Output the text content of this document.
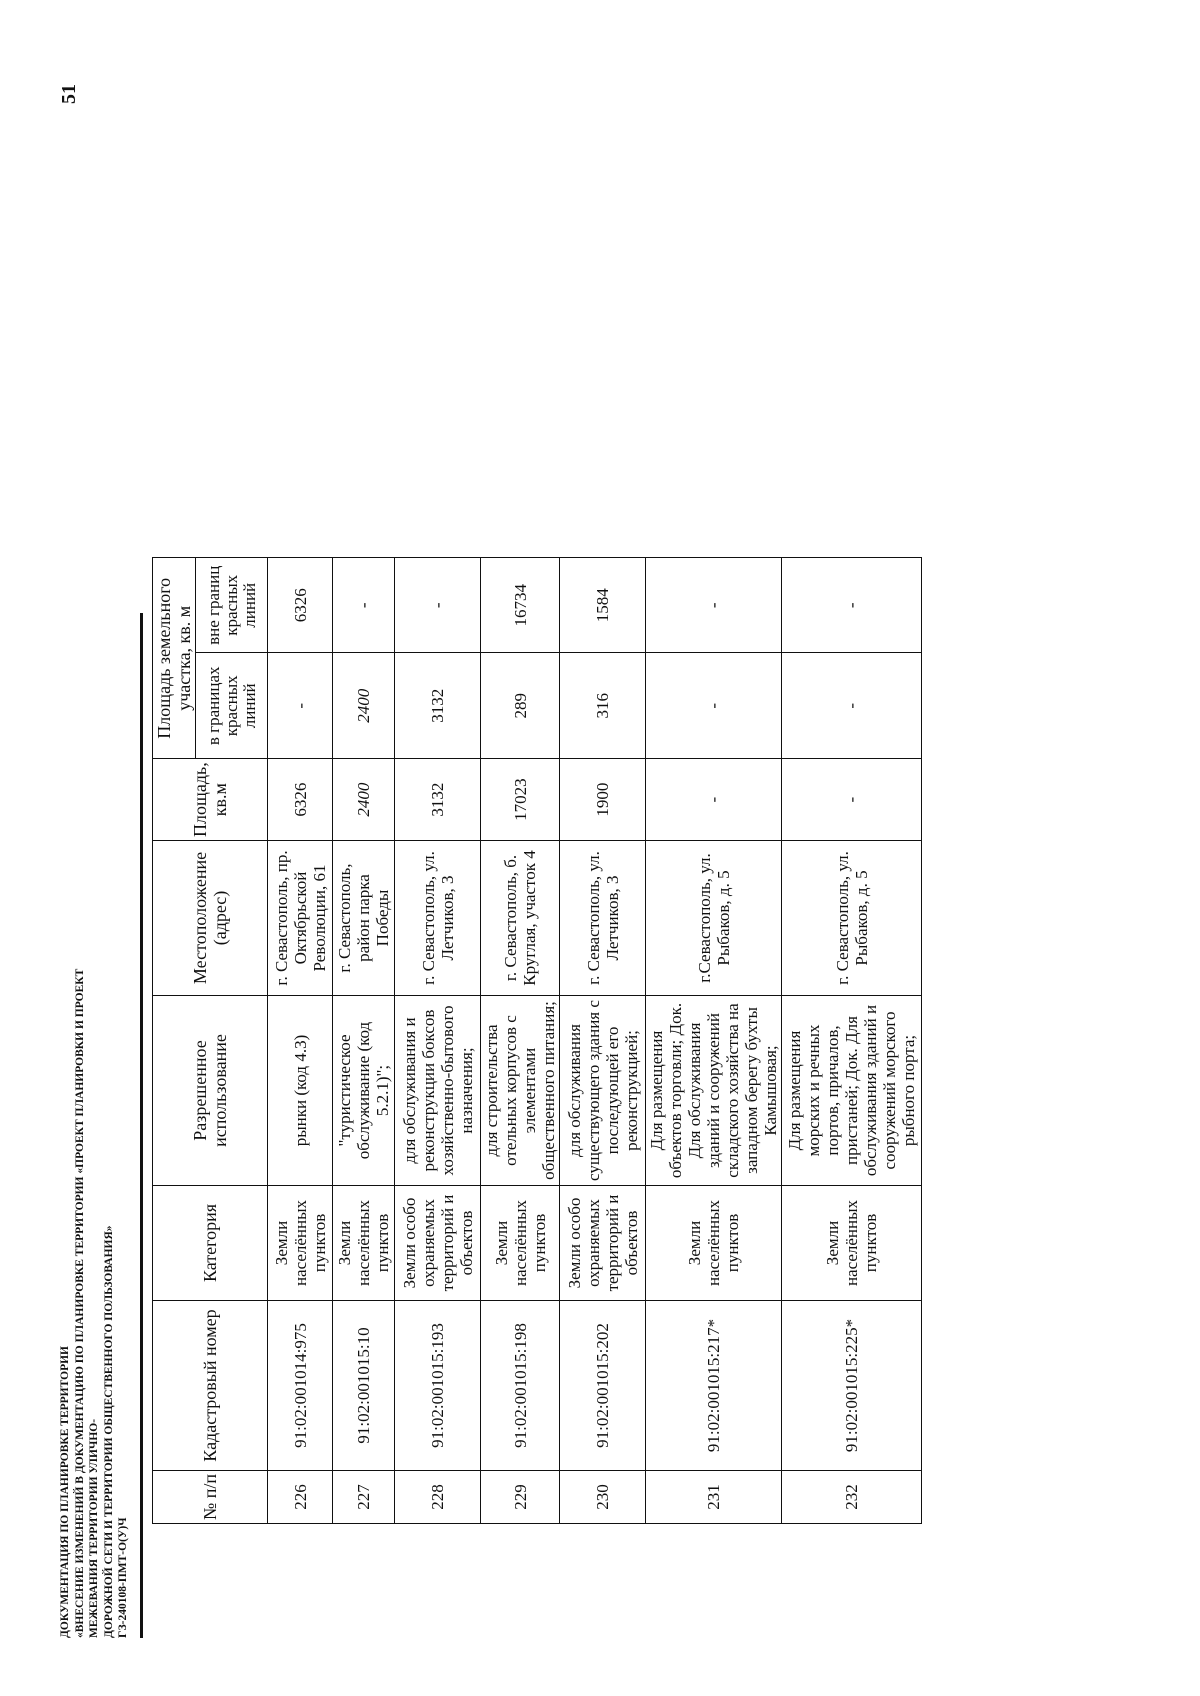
51
ДОКУМЕНТАЦИЯ ПО ПЛАНИРОВКЕ ТЕРРИТОРИИ «ВНЕСЕНИЕ ИЗМЕНЕНИЙ В ДОКУМЕНТАЦИЮ ПО ПЛАНИРОВКЕ ТЕРРИТОРИИ «ПРОЕКТ ПЛАНИРОВКИ И ПРОЕКТ МЕЖЕВАНИЯ ТЕРРИТОРИИ УЛИЧНО- ДОРОЖНОЙ СЕТИ И ТЕРРИТОРИИ ОБЩЕСТВЕННОГО ПОЛЬЗОВАНИЯ» ГЗ-240108-ПМТ-О(У)Ч
№ п/п	Кадастровый номер	Категория	Разрешенное использование	Местоположение (адрес)	Площадь, кв.м	Площадь земельного участка, кв. м	
						в границах красных линий	вне границ красных линий
226	91:02:001014:975	Земли населённых пунктов	рынки (код 4.3)	г. Севастополь, пр. Октябрьской Революции, 61	6326	-	6326
227	91:02:001015:10	Земли населённых пунктов	"туристическое обслуживание (код 5.2.1)";	г. Севастополь, район парка Победы	2400	2400	-
228	91:02:001015:193	Земли особо охраняемых территорий и объектов	для обслуживания и реконструкции боксов хозяйственно-бытового назначения;	г. Севастополь, ул. Летчиков, 3	3132	3132	-
229	91:02:001015:198	Земли населённых пунктов	для строительства отельных корпусов с элементами общественного питания;	г. Севастополь, б. Круглая, участок 4	17023	289	16734
230	91:02:001015:202	Земли особо охраняемых территорий и объектов	для обслуживания существующего здания с последующей его реконструкцией;	г. Севастополь, ул. Летчиков, 3	1900	316	1584
231	91:02:001015:217*	Земли населённых пунктов	Для размещения объектов торговли; Док. Для обслуживания зданий и сооружений складского хозяйства на западном берегу бухты Камышовая;	г.Севастополь, ул. Рыбаков, д. 5	-	-	-
232	91:02:001015:225*	Земли населённых пунктов	Для размещения морских и речных портов, причалов, пристаней; Док. Для обслуживания зданий и сооружений морского рыбного порта;	г. Севастополь, ул. Рыбаков, д. 5	-	-	-
